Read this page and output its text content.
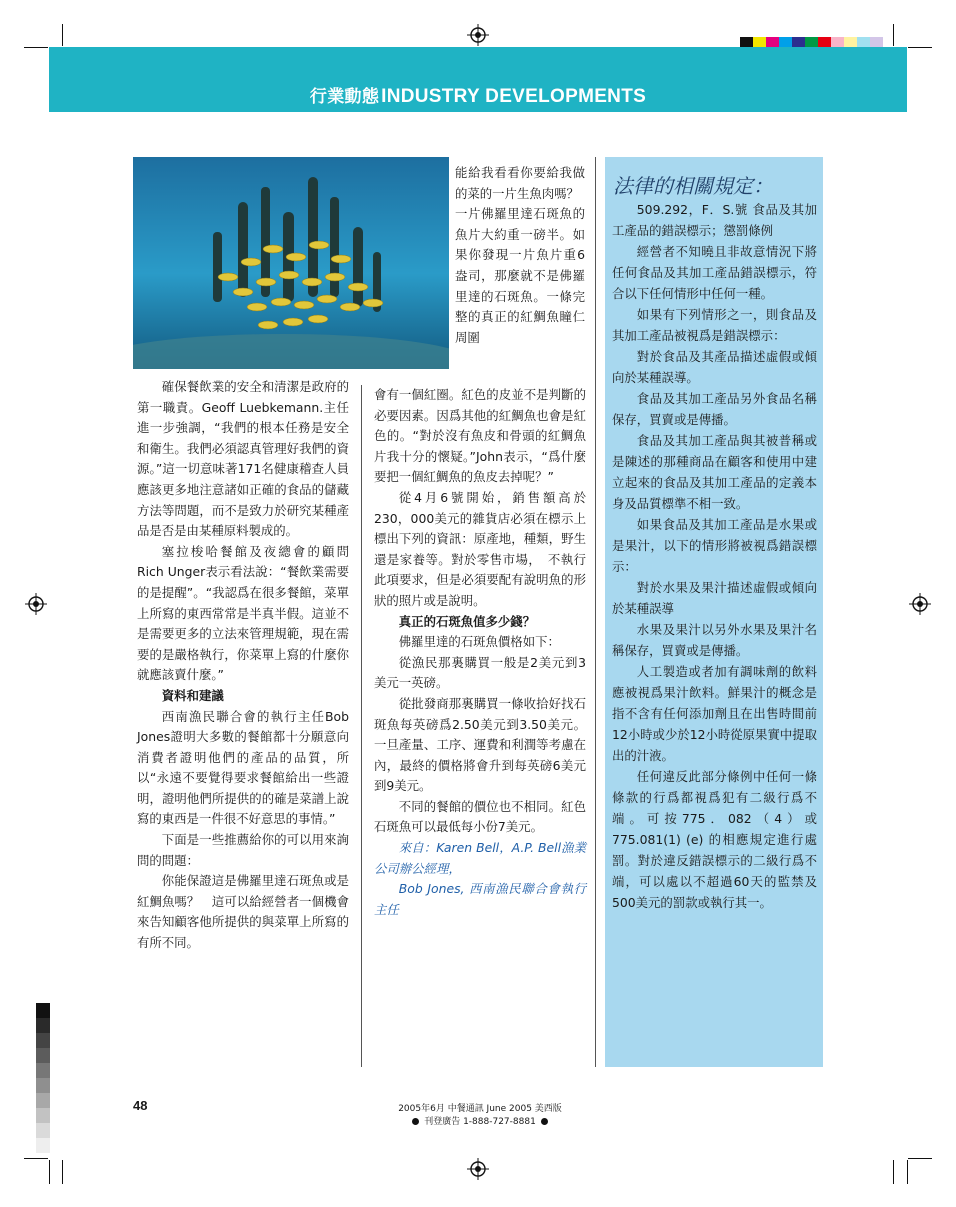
行業動態 INDUSTRY DEVELOPMENTS

確保餐飲業的安全和清潔是政府的第一職責。Geoff Luebkemann.主任進一步強調，“我們的根本任務是安全和衛生。我們必須認真管理好我們的資源。”這一切意味著171名健康稽查人員應該更多地注意諸如正確的食品的儲藏方法等問題，而不是致力於研究某種產品是否是由某種原料製成的。

塞拉梭哈餐館及夜總會的顧問Rich Unger表示看法說：“餐飲業需要的是提醒”。“我認爲在很多餐館，菜單上所寫的東西常常是半真半假。這並不是需要更多的立法來管理規範，現在需要的是嚴格執行，你菜單上寫的什麼你就應該賣什麼。”

資料和建議

西南漁民聯合會的執行主任Bob Jones證明大多數的餐館都十分願意向消費者證明他們的產品的品質，所以“永遠不要覺得要求餐館給出一些證明，證明他們所提供的的確是菜譜上說寫的東西是一件很不好意思的事情。”

下面是一些推薦給你的可以用來詢問的問題：

你能保證這是佛羅里達石斑魚或是紅鯛魚嗎？　這可以給經營者一個機會來告知顧客他所提供的與菜單上所寫的有所不同。

能給我看看你要給我做的菜的一片生魚肉嗎？

一片佛羅里達石斑魚的魚片大約重一磅半。如果你發現一片魚片重6盎司，那麼就不是佛羅里達的石斑魚。一條完整的真正的紅鯛魚瞳仁周圍

會有一個紅圈。紅色的皮並不是判斷的必要因素。因爲其他的紅鯛魚也會是紅色的。“對於沒有魚皮和骨頭的紅鯛魚片我十分的懷疑。”John表示，“爲什麼要把一個紅鯛魚的魚皮去掉呢？”

從4月6號開始，銷售額高於230，000美元的雜貨店必須在標示上標出下列的資訊：原產地，種類，野生還是家養等。對於零售市場，　不執行此項要求，但是必須要配有說明魚的形狀的照片或是說明。

真正的石斑魚值多少錢？

佛羅里達的石斑魚價格如下：

從漁民那裏購買一般是2美元到3美元一英磅。

從批發商那裏購買一條收拾好找石斑魚每英磅爲2.50美元到3.50美元。一旦產量、工序、運費和利潤等考慮在內，最終的價格將會升到每英磅6美元到9美元。

不同的餐館的價位也不相同。紅色石斑魚可以最低每小份7美元。

來自：Karen Bell，A.P. Bell漁業公司辦公經理，

Bob Jones, 西南漁民聯合會執行主任

法律的相關規定：

509.292，F．S.號 食品及其加工產品的錯誤標示；懲罰條例

經營者不知曉且非故意情況下將任何食品及其加工產品錯誤標示，符合以下任何情形中任何一種。

如果有下列情形之一，則食品及其加工產品被視爲是錯誤標示：

對於食品及其產品描述虛假或傾向於某種誤導。

食品及其加工產品另外食品名稱保存，買賣或是傳播。

食品及其加工產品與其被普稱或是陳述的那種商品在顧客和使用中建立起來的食品及其加工產品的定義本身及品質標準不相一致。

如果食品及其加工產品是水果或是果汁，以下的情形將被視爲錯誤標示：

對於水果及果汁描述虛假或傾向於某種誤導

水果及果汁以另外水果及果汁名稱保存，買賣或是傳播。

人工製造或者加有調味劑的飲料應被視爲果汁飲料。鮮果汁的概念是指不含有任何添加劑且在出售時間前12小時或少於12小時從原果實中提取出的汁液。

任何違反此部分條例中任何一條條款的行爲都視爲犯有二級行爲不端。可按775．082（4）或775.081(1) (e) 的相應規定進行處罰。對於違反錯誤標示的二級行爲不端，可以處以不超過60天的監禁及500美元的罰款或執行其一。

48	2005年6月 中餐通訊 June 2005 美西版
刊登廣告 1-888-727-8881
